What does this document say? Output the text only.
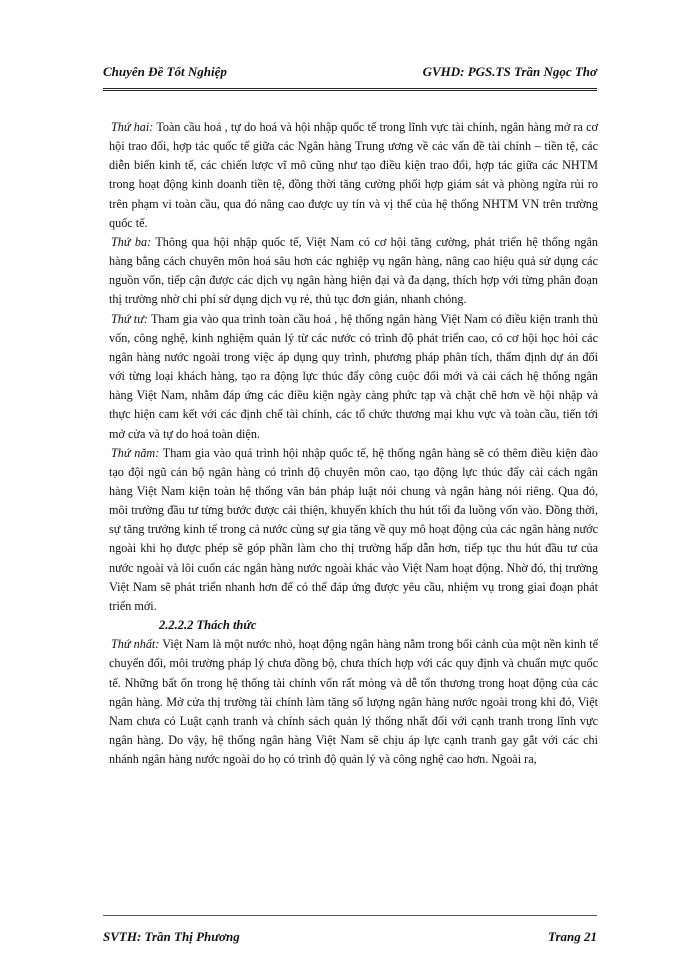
Chuyên Đề Tốt Nghiệp	GVHD: PGS.TS Trần Ngọc Thơ

Thứ hai: Toàn cầu hoá , tự do hoá và hội nhập quốc tế trong lĩnh vực tài chính, ngân hàng mở ra cơ hội trao đổi, hợp tác quốc tế giữa các Ngân hàng Trung ương về các vấn đề tài chính – tiền tệ, các diễn biến kinh tế, các chiến lược vĩ mô cũng như tạo điều kiện trao đổi, hợp tác giữa các NHTM trong hoạt động kinh doanh tiền tệ, đồng thời tăng cường phối hợp giám sát và phòng ngừa rủi ro trên phạm vi toàn cầu, qua đó nâng cao được uy tín và vị thế của hệ thống NHTM VN trên trường quốc tế.

Thứ ba: Thông qua hội nhập quốc tế, Việt Nam có cơ hội tăng cường, phát triển hệ thống ngân hàng bằng cách chuyên môn hoá sâu hơn các nghiệp vụ ngân hàng, nâng cao hiệu quả sử dụng các nguồn vốn, tiếp cận được các dịch vụ ngân hàng hiện đại và đa dạng, thích hợp với từng phân đoạn thị trường nhờ chi phí sử dụng dịch vụ rẻ, thủ tục đơn giản, nhanh chóng.

Thứ tư: Tham gia vào qua trình toàn cầu hoá , hệ thống ngân hàng Việt Nam có điều kiện tranh thủ vốn, công nghệ, kinh nghiệm quản lý từ các nước có trình độ phát triển cao, có cơ hội học hỏi các ngân hàng nước ngoài trong việc áp dụng quy trình, phương pháp phân tích, thẩm định dự án đối với từng loại khách hàng, tạo ra động lực thúc đẩy công cuộc đổi mới và cải cách hệ thống ngân hàng Việt Nam, nhằm đáp ứng các điều kiện ngày càng phức tạp và chặt chẽ hơn về hội nhập và thực hiện cam kết với các định chế tài chính, các tổ chức thương mại khu vực và toàn cầu, tiến tới mở cửa và tự do hoá toàn diện.

Thứ năm: Tham gia vào quá trình hội nhập quốc tế, hệ thống ngân hàng sẽ có thêm điều kiện đào tạo đội ngũ cán bộ ngân hàng có trình độ chuyên môn cao, tạo động lực thúc đẩy cải cách ngân hàng Việt Nam kiện toàn hệ thống văn bản pháp luật nói chung và ngân hàng nói riêng. Qua đó, môi trường đầu tư từng bước được cải thiện, khuyến khích thu hút tối đa luồng vốn vào. Đồng thời, sự tăng trưởng kinh tế trong cả nước cùng sự gia tăng về quy mô hoạt động của các ngân hàng nước ngoài khi họ được phép sẽ góp phần làm cho thị trường hấp dẫn hơn, tiếp tục thu hút đầu tư của nước ngoài và lôi cuốn các ngân hàng nước ngoài khác vào Việt Nam hoạt động. Nhờ đó, thị trường Việt Nam sẽ phát triển nhanh hơn để có thể đáp ứng được yêu cầu, nhiệm vụ trong giai đoạn phát triển mới.

2.2.2.2 Thách thức

Thứ nhất: Việt Nam là một nước nhỏ, hoạt động ngân hàng nằm trong bối cảnh của một nền kinh tế chuyển đổi, môi trường pháp lý chưa đồng bộ, chưa thích hợp với các quy định và chuẩn mực quốc tế. Những bất ổn trong hệ thống tài chính vốn rất mỏng và dễ tổn thương trong hoạt động của các ngân hàng. Mở cửa thị trường tài chính làm tăng số lượng ngân hàng nước ngoài trong khi đó, Việt Nam chưa có Luật cạnh tranh và chính sách quản lý thống nhất đối với cạnh tranh trong lĩnh vực ngân hàng. Do vậy, hệ thống ngân hàng Việt Nam sẽ chịu áp lực cạnh tranh gay gắt với các chi nhánh ngân hàng nước ngoài do họ có trình độ quản lý và công nghệ cao hơn. Ngoài ra,

SVTH: Trần Thị Phương	Trang 21
